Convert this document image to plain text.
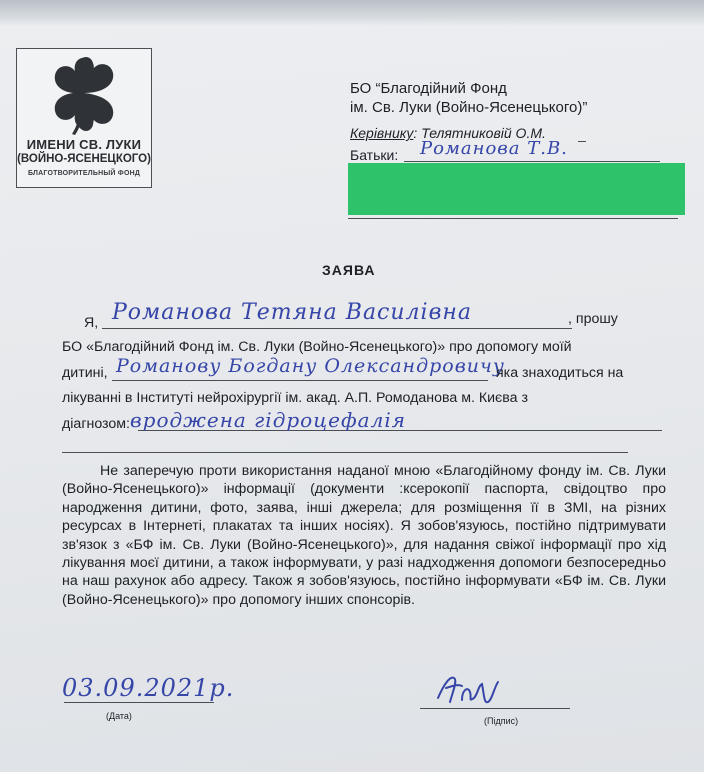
ИМЕНИ СВ. ЛУКИ
(ВОЙНО-ЯСЕНЕЦКОГО)
БЛАГОТВОРИТЕЛЬНЫЙ ФОНД
БО “Благодійний Фонд
ім. Св. Луки (Войно-Ясенецького)”
Керівнику: Телятниковій О.М.
Батьки: Романова Т.В.
ЗАЯВА
Я, Романова Тетяна Василівна	, прошу
БО «Благодійний Фонд ім. Св. Луки (Войно-Ясенецького)» про допомогу моїй
дитині, Романову Богдану Олександровичу
яка знаходиться на
лікуванні в Інституті нейрохірургії ім. акад. А.П. Ромоданова м. Києва з
діагнозом: вроджена гідроцефалія
Не заперечую проти використання наданої мною «Благодійному фонду ім. Св. Луки (Войно-Ясенецького)» інформації (документи :ксерокопії паспорта, свідоцтво про народження дитини, фото, заява, інші джерела; для розміщення її в ЗМІ, на різних ресурсах в Інтернеті, плакатах та інших носіях). Я зобов'язуюсь, постійно підтримувати зв'язок з «БФ ім. Св. Луки (Войно-Ясенецького)», для надання свіжої інформації про хід лікування моєї дитини, а також інформувати, у разі надходження допомоги безпосередньо на наш рахунок або адресу. Також я зобов'язуюсь, постійно інформувати «БФ ім. Св. Луки (Войно-Ясенецького)» про допомогу інших спонсорів.
03.09.2021р.
(Дата)	(Підпис)
